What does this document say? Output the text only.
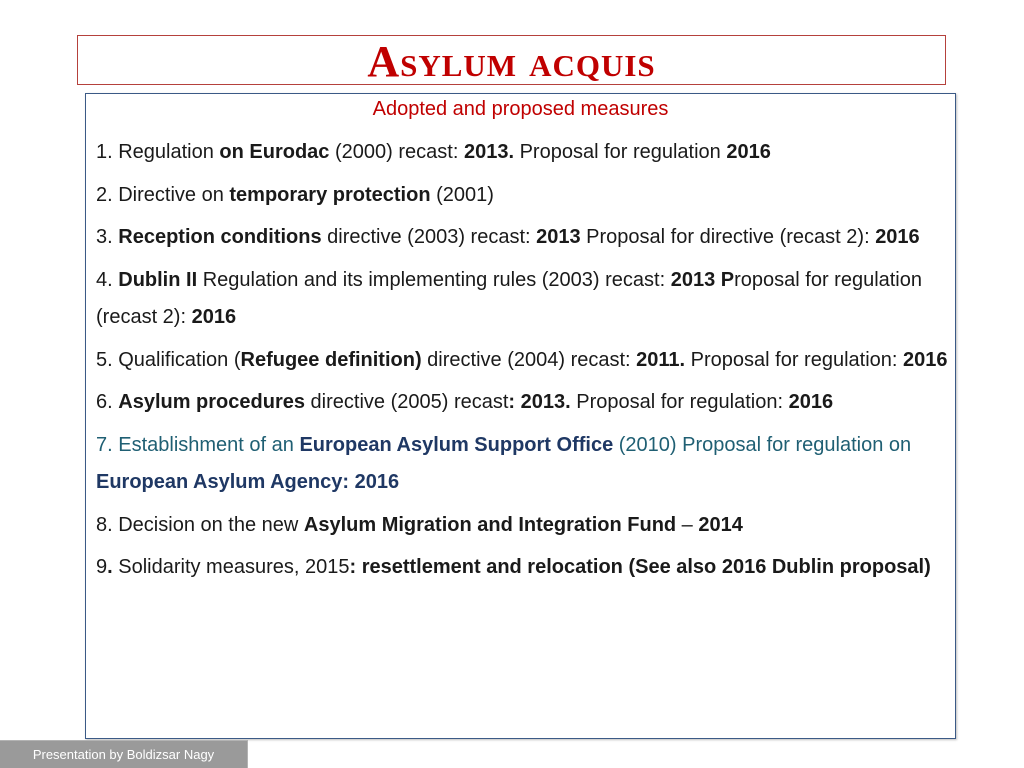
Asylum acquis
Adopted and proposed measures
1. Regulation on Eurodac (2000) recast: 2013. Proposal for regulation 2016
2. Directive on temporary protection (2001)
3. Reception conditions directive (2003) recast: 2013 Proposal for directive (recast 2): 2016
4. Dublin II Regulation and its implementing rules (2003) recast: 2013 Proposal for regulation (recast 2): 2016
5. Qualification (Refugee definition) directive (2004) recast: 2011. Proposal for regulation: 2016
6. Asylum procedures directive (2005) recast: 2013. Proposal for regulation: 2016
7. Establishment of an European Asylum Support Office (2010) Proposal for regulation on European Asylum Agency: 2016
8. Decision on the new Asylum Migration and Integration Fund – 2014
9. Solidarity measures, 2015: resettlement and relocation (See also 2016 Dublin proposal)
Presentation by Boldizsar Nagy
